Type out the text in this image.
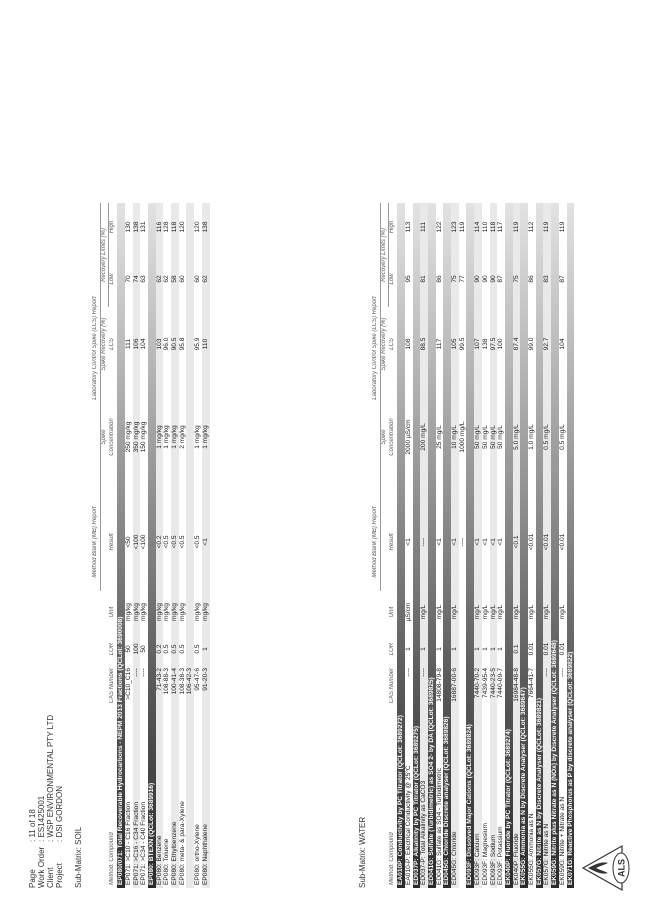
Page
: 11 of 18
Work Order
: ES1425001
Client
: WSP ENVIRONMENTAL PTY LTD
Project
: DSI GORDON
ALS
Sub-Matrix: SOIL
				Method Blank (MB) Report	Laboratory Control Spike (LCS) Report			
					Spike	Spike Recovery (%)	Recovery Limits (%)	
Method: Compound	CAS Number	LOR	Unit	Result	Concentration	LCS	Low	High
EP080/071: Total Recoverable Hydrocarbons - NEPM 2013 Fractions (QCLot: 3690008)								
EP071: >C10 - C16 Fraction	>C10_C16	50	mg/kg	<50	250 mg/kg	111	70	130
EP071: >C16 - C34 Fraction	----	100	mg/kg	<100	350 mg/kg	106	74	138
EP071: >C34 - C40 Fraction	----	50	mg/kg	<100	150 mg/kg	104	63	131
EP080: BTEXN (QCLot: 3689916)								
EP080: Benzene	71-43-2	0.2	mg/kg	<0.2	1 mg/kg	103	62	116
EP080: Toluene	108-88-3	0.5	mg/kg	<0.5	1 mg/kg	96.0	62	128
EP080: Ethylbenzene	100-41-4	0.5	mg/kg	<0.5	1 mg/kg	90.5	58	118
EP080: meta- & para-Xylene	108-38-3	0.5	mg/kg	<0.5	2 mg/kg	95.8	60	120
	106-42-3							
EP080: ortho-Xylene	95-47-6	0.5	mg/kg	<0.5	1 mg/kg	95.9	60	120
EP080: Naphthalene	91-20-3	1	mg/kg	<1	1 mg/kg	110	62	138
Sub-Matrix: WATER
				Method Blank (MB) Report	Laboratory Control Spike (LCS) Report			
					Spike	Spike Recovery (%)	Recovery Limits (%)	
Method: Compound	CAS Number	LOR	Unit	Result	Concentration	LCS	Low	High
EA010P: Conductivity by PC Titrator (QCLot: 3689272)								
EA010-P: Electrical Conductivity @ 25°C	----	1	µS/cm	<1	2000 µS/cm	108	95	113
ED037P: Alkalinity by PC Titrator (QCLot: 3689275)								
ED037-P: Total Alkalinity as CaCO3	----	1	mg/L	----	200 mg/L	88.5	81	111
ED041G: Sulfate (Turbidimetric) as SO4 2- by DA (QCLot: 3689825)								
ED041G: Sulfate as SO4 - Turbidimetric	14808-79-8	1	mg/L	<1	25 mg/L	117	86	122
ED045G: Chloride Discrete analyser (QCLot: 3689826)								
ED045G: Chloride	16887-00-6	1	mg/L	<1	10 mg/L	105	75	123
				----	1000 mg/L	99.5	77	119
ED093F: Dissolved Major Cations (QCLot: 3689824)								
ED093F: Calcium	7440-70-2	1	mg/L	<1	50 mg/L	107	90	114
ED093F: Magnesium	7439-95-4	1	mg/L	<1	50 mg/L	138	90	110
ED093F: Sodium	7440-23-5	1	mg/L	<1	50 mg/L	97.5	90	118
ED093F: Potassium	7440-09-7	1	mg/L	<1	50 mg/L	100	87	117
EK040P: Fluoride by PC Titrator (QCLot: 3689274)								
EK040P: Fluoride	16984-48-8	0.1	mg/L	<0.1	5.0 mg/L	87.4	75	119
EK055G: Ammonia as N by Discrete Analyser (QCLot: 3689647)								
EK055G: Ammonia as N	7664-41-7	0.01	mg/L	<0.01	1.0 mg/L	99.0	86	112
EK057G: Nitrite as N by Discrete Analyser (QCLot: 3689821)								
EK057G: Nitrite as N	----	0.01	mg/L	<0.01	0.5 mg/L	92.7	83	119
EK059G: Nitrite plus Nitrate as N (NOx) by Discrete Analyser (QCLot: 3689648)								
EK059G: Nitrite + Nitrate as N	----	0.01	mg/L	<0.01	0.5 mg/L	104	87	119
EK071G: Reactive Phosphorus as P by discrete analyser (QCLot: 3689822)								
